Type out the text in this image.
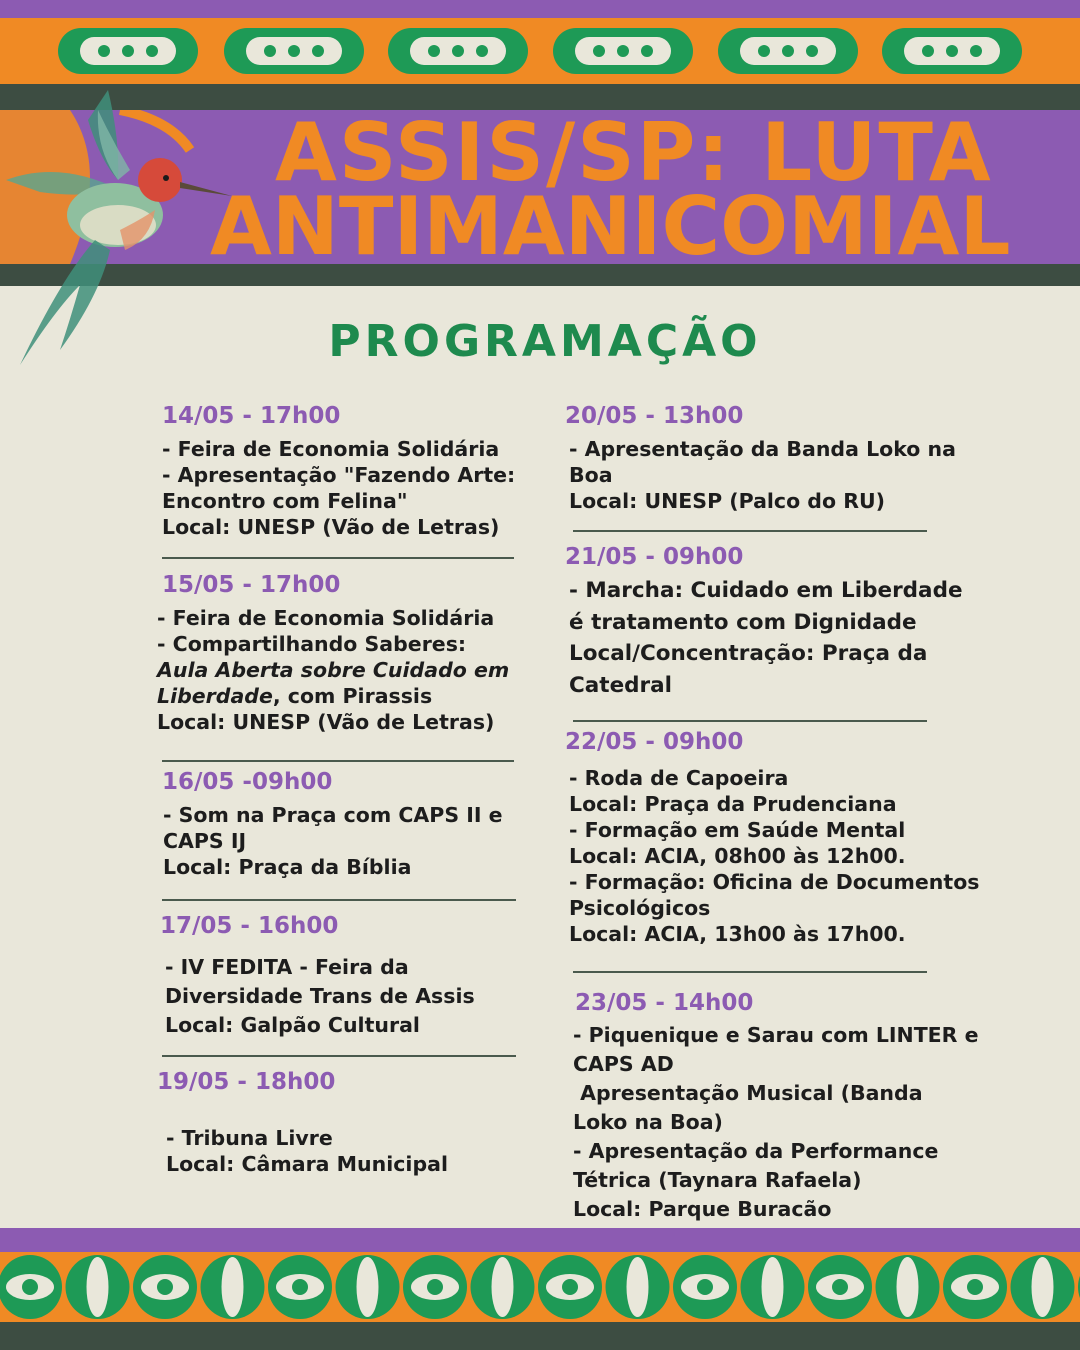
ASSIS/SP: LUTA
ANTIMANICOMIAL
PROGRAMAÇÃO
14/05 - 17h00
- Feira de Economia Solidária
- Apresentação "Fazendo Arte:
Encontro com Felina"
Local: UNESP (Vão de Letras)
15/05 - 17h00
- Feira de Economia Solidária
- Compartilhando Saberes:
Aula Aberta sobre Cuidado em
Liberdade, com Pirassis
Local: UNESP (Vão de Letras)
16/05 -09h00
- Som na Praça com CAPS II e
CAPS IJ
Local: Praça da Bíblia
17/05 - 16h00
- IV FEDITA - Feira da
Diversidade Trans de Assis
Local: Galpão Cultural
19/05 - 18h00
- Tribuna Livre
Local: Câmara Municipal
20/05 - 13h00
- Apresentação da Banda Loko na
Boa
Local: UNESP (Palco do RU)
21/05 - 09h00
- Marcha: Cuidado em Liberdade
é tratamento com Dignidade
Local/Concentração: Praça da
Catedral
22/05 - 09h00
- Roda de Capoeira
Local: Praça da Prudenciana
- Formação em Saúde Mental
Local: ACIA, 08h00 às 12h00.
- Formação: Oficina de Documentos
Psicológicos
Local: ACIA, 13h00 às 17h00.
23/05 - 14h00
- Piquenique e Sarau com LINTER e
CAPS AD
Apresentação Musical (Banda
Loko na Boa)
- Apresentação da Performance
Tétrica (Taynara Rafaela)
Local: Parque Buracão
